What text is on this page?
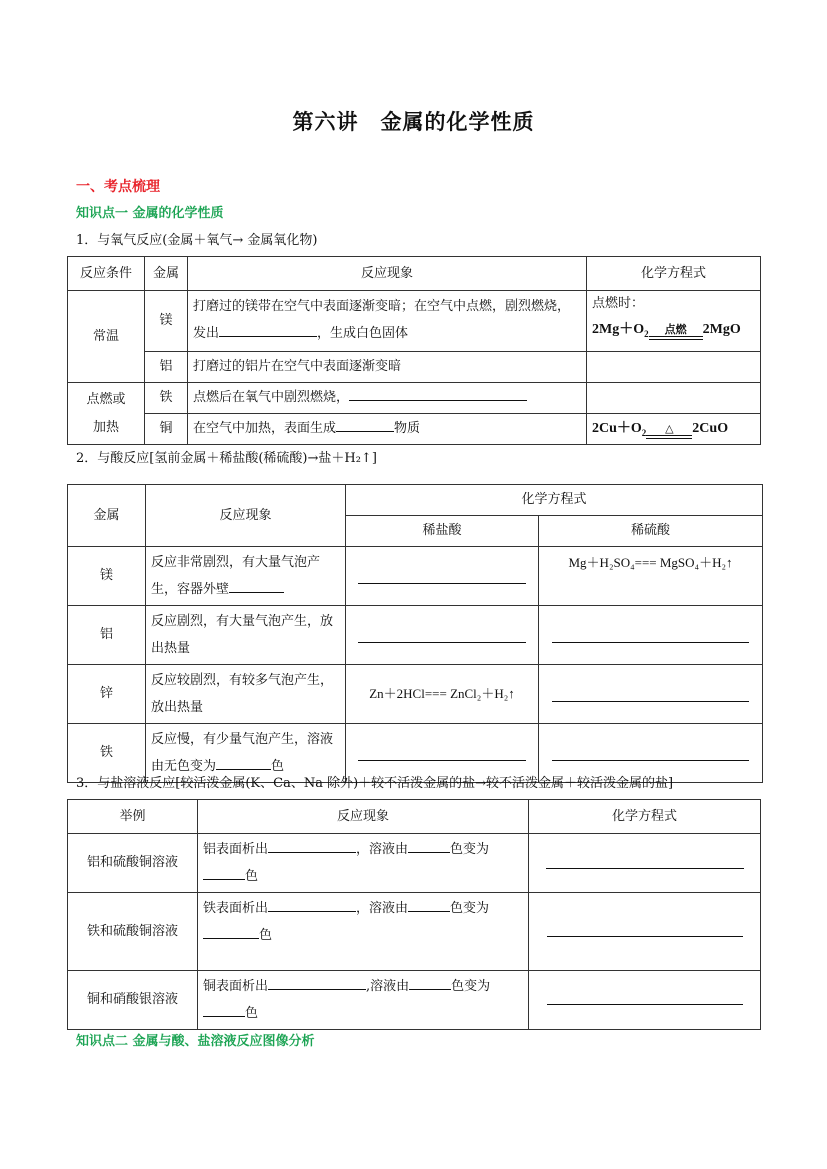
第六讲　金属的化学性质
一、考点梳理
知识点一 金属的化学性质
1．与氧气反应(金属＋氧气→ 金属氧化物)
反应条件	金属	反应现象	化学方程式
常温	镁	打磨过的镁带在空气中表面逐渐变暗；在空气中点燃，剧烈燃烧，发出 ，生成白色固体	点燃时：
$2Mg+O_2$ 点燃 2MgO

	铝	打磨过的铝片在空气中表面逐渐变暗	
点燃或加热	铁	点燃后在氧气中剧烈燃烧，	
	铜	在空气中加热，表面生成 物质	$2Cu+O_2$ △ 2CuO
2．与酸反应[氢前金属＋稀盐酸(稀硫酸)→盐＋H₂↑]
金属	反应现象	化学方程式	
		稀盐酸	稀硫酸
镁	反应非常剧烈，有大量气泡产生，容器外壁		Mg＋H₂SO₄=== MgSO₄＋H₂↑
铝	反应剧烈，有大量气泡产生，放出热量	

锌	反应较剧烈，有较多气泡产生，放出热量	Zn＋2HCl=== ZnCl₂＋H₂↑	

铁	反应慢，有少量气泡产生，溶液由无色变为 色	

3．与盐溶液反应[较活泼金属(K、Ca、Na 除外)＋较不活泼金属的盐→较不活泼金属＋较活泼金属的盐]
举例	反应现象	化学方程式
铝和硫酸铜溶液	铝表面析出 ，溶液由 色变为色	

铁和硫酸铜溶液	铁表面析出 ，溶液由 色变为色	

铜和硝酸银溶液	铜表面析出 ,溶液由 色变为色	
知识点二 金属与酸、盐溶液反应图像分析
